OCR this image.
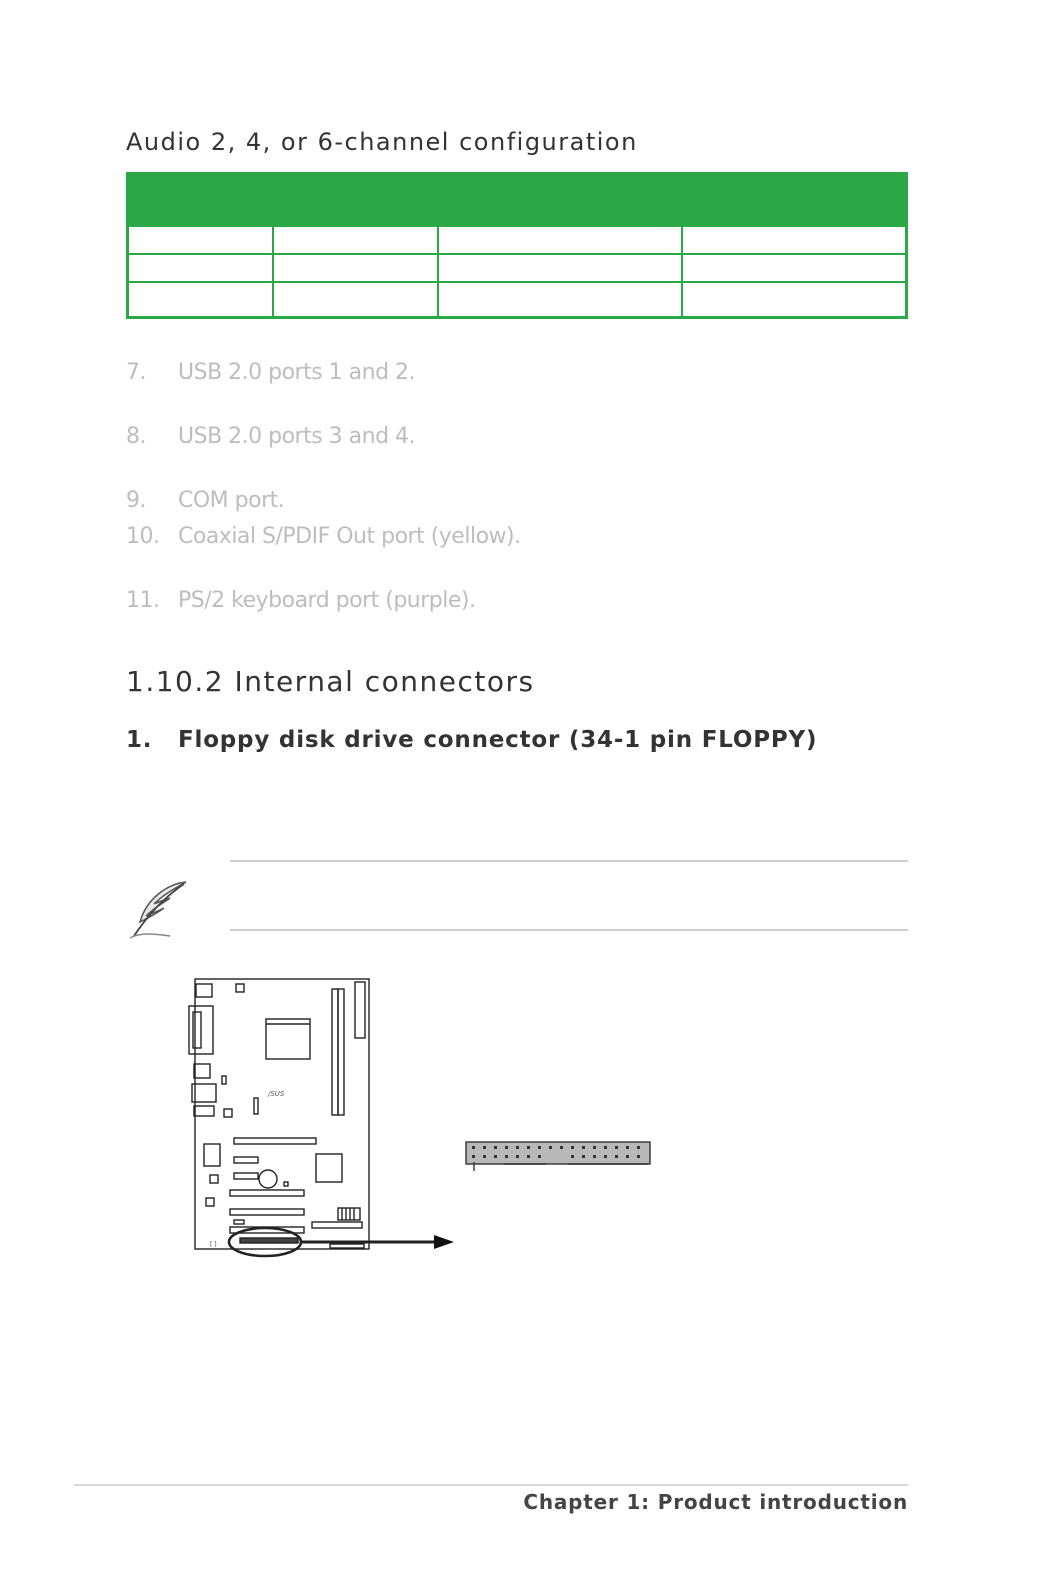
Audio 2, 4, or 6-channel configuration
7. USB 2.0 ports 1 and 2.
8. USB 2.0 ports 3 and 4.
9. COM port.
10. Coaxial S/PDIF Out port (yellow).
11. PS/2 keyboard port (purple).
1.10.2 Internal connectors
1. Floppy disk drive connector (34-1 pin FLOPPY)
/SUS
[ ]
Chapter 1: Product introduction
